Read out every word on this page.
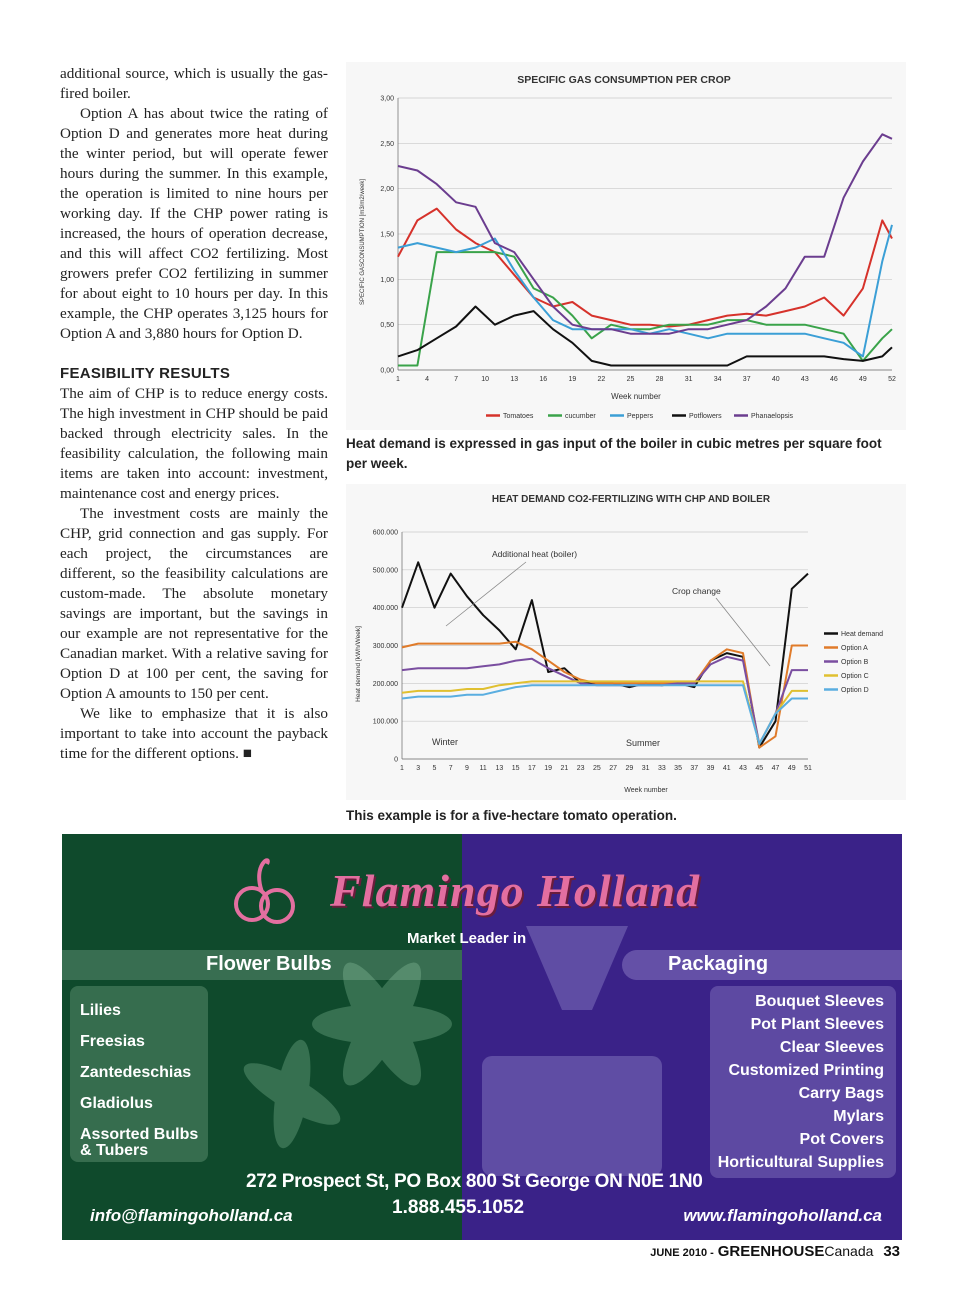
additional source, which is usually the gas-fired boiler.

Option A has about twice the rating of Option D and generates more heat during the winter period, but will operate fewer hours during the summer. In this example, the operation is limited to nine hours per working day. If the CHP power rating is increased, the hours of operation decrease, and this will affect CO2 fertilizing. Most growers prefer CO2 fertilizing in summer for about eight to 10 hours per day. In this example, the CHP operates 3,125 hours for Option A and 3,880 hours for Option D.

FEASIBILITY RESULTS

The aim of CHP is to reduce energy costs. The high investment in CHP should be paid backed through electricity sales. In the feasibility calculation, the following main items are taken into account: investment, maintenance cost and energy prices.

The investment costs are mainly the CHP, grid connection and gas supply. For each project, the circumstances are different, so the feasibility calculations are custom-made. The absolute monetary savings are important, but the savings in our example are not representative for the Canadian market. With a relative saving for Option D at 100 per cent, the saving for Option A amounts to 150 per cent.

We like to emphasize that it is also important to take into account the payback time for the different options. ■

SPECIFIC GAS CONSUMPTION PER CROP
0,00
0,50
1,00
1,50
2,00
2,50
3,00
1	4	7	10	13	16	19	22	25	28	31	34	37	40	43	46	49	52
Week number
SPECIFIC GASCONSUMPTION [m3/m2/week]
Tomatoes	cucumber	Peppers	Potflowers	Phanaelopsis
Heat demand is expressed in gas input of the boiler in cubic metres per square foot per week.
HEAT DEMAND CO2-FERTILIZING WITH CHP AND BOILER
0
100.000
200.000
300.000
400.000
500.000
600.000
1 3 5 7 9 11 13 15 17 19 21 23 25 27 29 31 33 35 37 39 41 43 45 47 49 51
Week number
Heat demand [kWh/Week]
Additional heat (boiler)
Crop change
Winter	Summer
Heat demand
Option A
Option B
Option C
Option D
This example is for a five-hectare tomato operation.
Flamingo Holland
Market Leader in
Flower Bulbs	Packaging
Lilies
Freesias
Zantedeschias
Gladiolus
Assorted Bulbs
& Tubers
Bouquet Sleeves
Pot Plant Sleeves
Clear Sleeves
Customized Printing
Carry Bags
Mylars
Pot Covers
Horticultural Supplies
272 Prospect St, PO Box 800 St George ON N0E 1N0
1.888.455.1052
info@flamingoholland.ca	www.flamingoholland.ca
JUNE 2010 - GREENHOUSECanada 33
